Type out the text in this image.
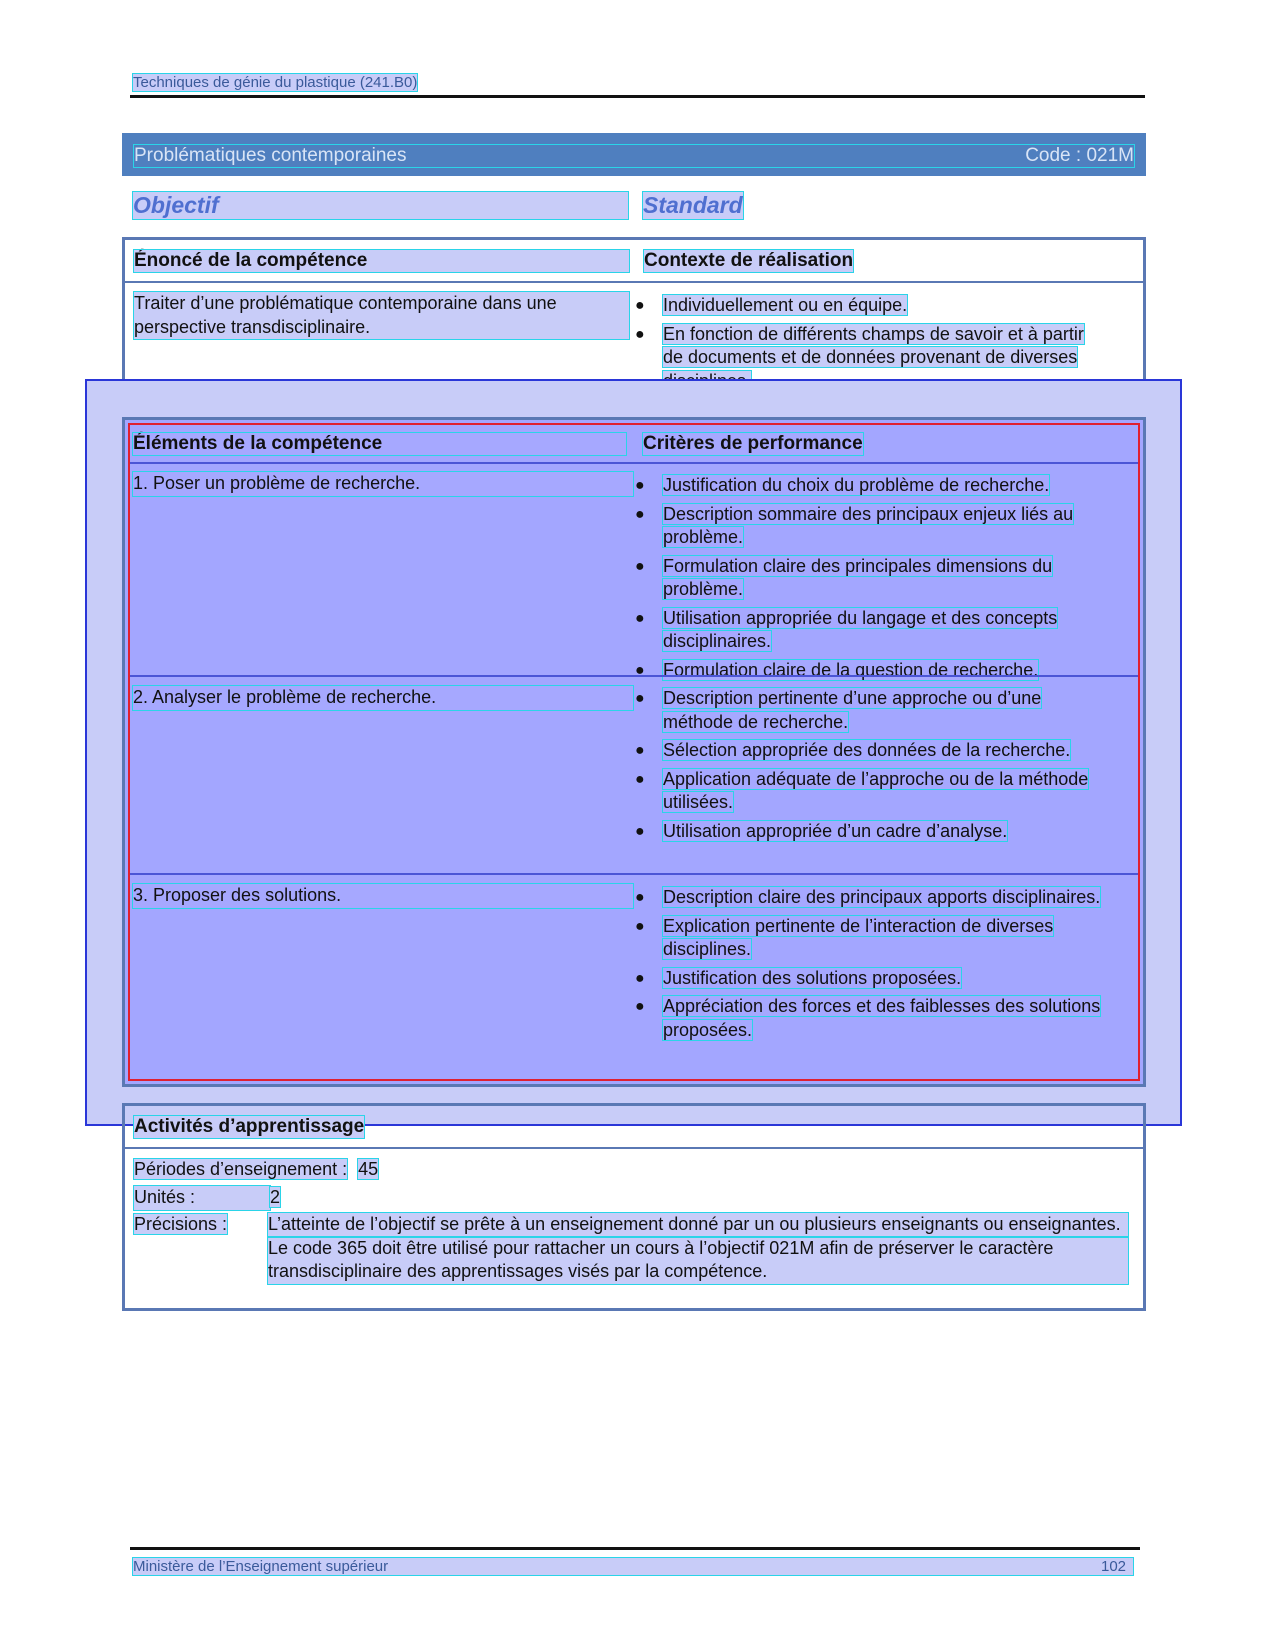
Techniques de génie du plastique (241.B0)
Problématiques contemporaines	Code : 021M
Objectif	Standard
Énoncé de la compétence	Contexte de réalisation
Traiter d’une problématique contemporaine dans une perspective transdisciplinaire.
● Individuellement ou en équipe.
● En fonction de différents champs de savoir et à partir de documents et de données provenant de diverses
Éléments de la compétence	Critères de performance
1. Poser un problème de recherche.	● Justification du choix du problème de recherche.
● Description sommaire des principaux enjeux liés au problème.
● Formulation claire des principales dimensions du problème.
● Utilisation appropriée du langage et des concepts disciplinaires.
● Formulation claire de la question de recherche.
2. Analyser le problème de recherche.	● Description pertinente d’une approche ou d’une méthode de recherche.
● Sélection appropriée des données de la recherche.
● Application adéquate de l’approche ou de la méthode utilisées.
● Utilisation appropriée d’un cadre d’analyse.
3. Proposer des solutions.	● Description claire des principaux apports disciplinaires.
● Explication pertinente de l’interaction de diverses disciplines.
● Justification des solutions proposées.
● Appréciation des forces et des faiblesses des solutions proposées.
Activités d’apprentissage
Périodes d’enseignement : 45
Unités :	2
Précisions : L’atteinte de l’objectif se prête à un enseignement donné par un ou plusieurs enseignants ou enseignantes.
Le code 365 doit être utilisé pour rattacher un cours à l’objectif 021M afin de préserver le caractère transdisciplinaire des apprentissages visés par la compétence.
Ministère de l’Enseignement supérieur	102
